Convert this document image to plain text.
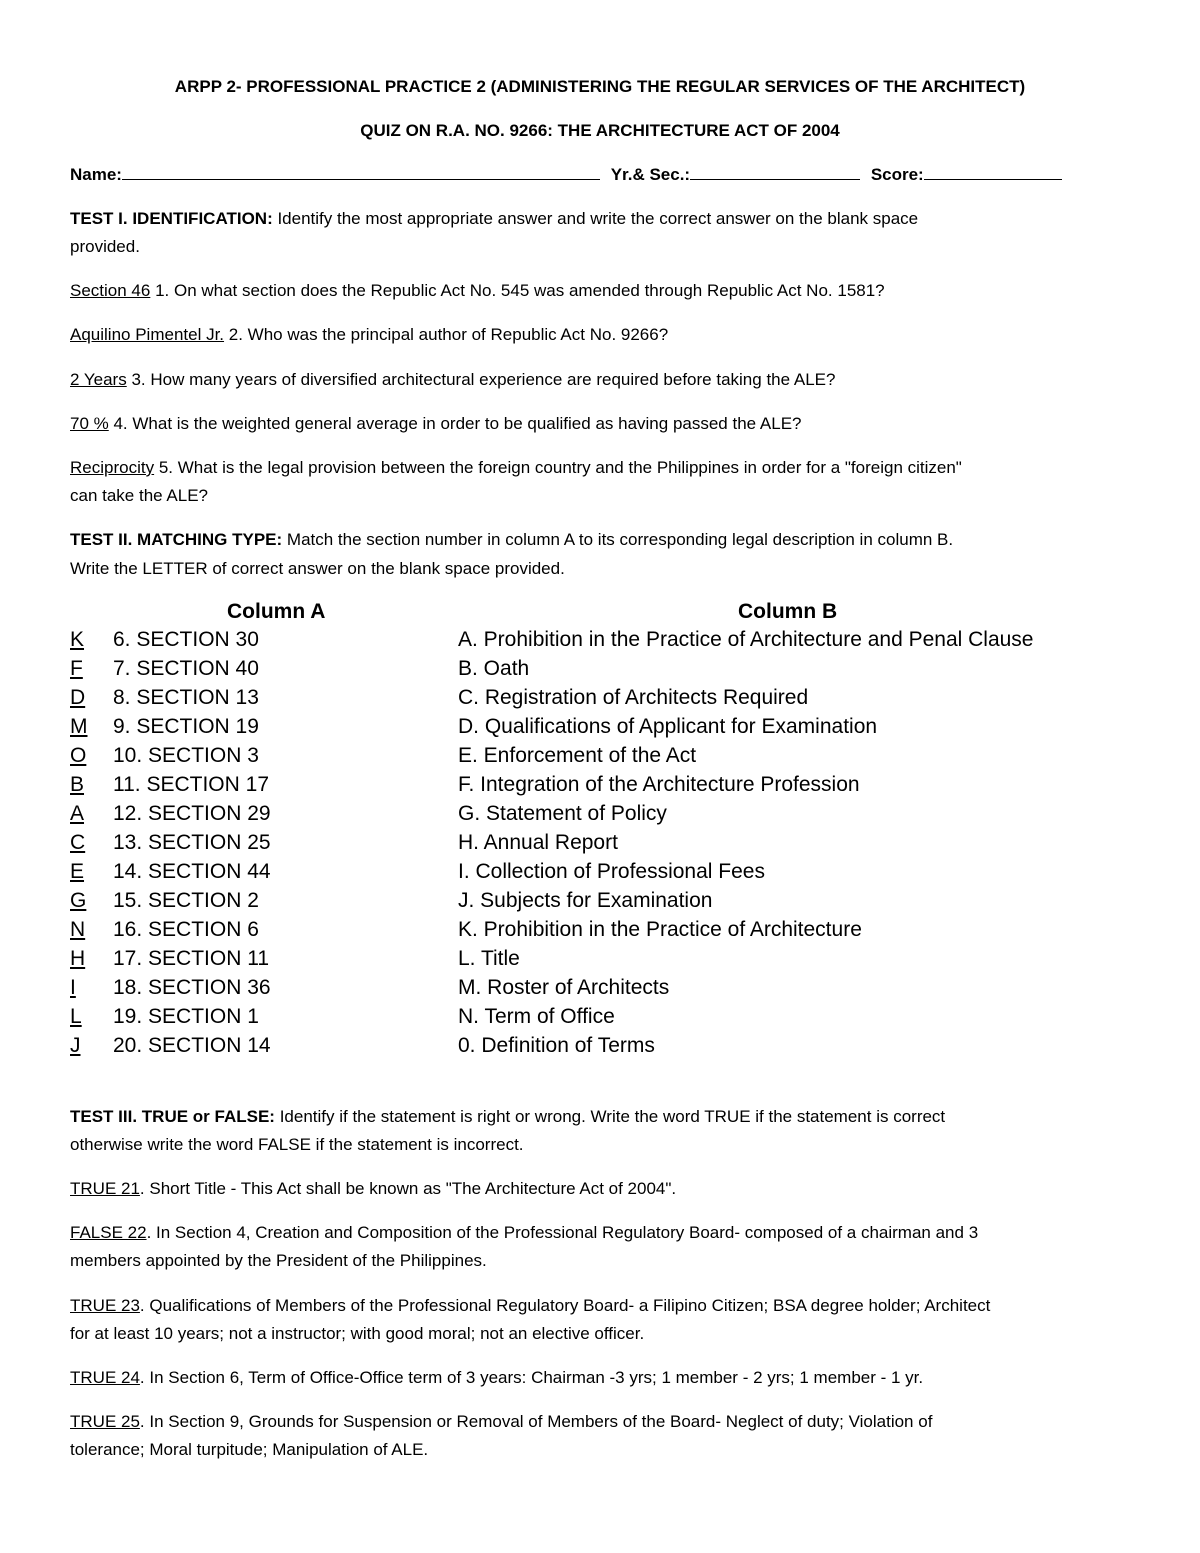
ARPP 2- PROFESSIONAL PRACTICE 2 (ADMINISTERING THE REGULAR SERVICES OF THE ARCHITECT)
QUIZ ON R.A. NO. 9266: THE ARCHITECTURE ACT OF 2004
Name:	Yr.& Sec.:	Score:
TEST I. IDENTIFICATION: Identify the most appropriate answer and write the correct answer on the blank space
provided.
Section 46 1. On what section does the Republic Act No. 545 was amended through Republic Act No. 1581?
Aquilino Pimentel Jr. 2. Who was the principal author of Republic Act No. 9266?
2 Years 3. How many years of diversified architectural experience are required before taking the ALE?
70 % 4. What is the weighted general average in order to be qualified as having passed the ALE?
Reciprocity 5. What is the legal provision between the foreign country and the Philippines in order for a "foreign citizen"
can take the ALE?
TEST II. MATCHING TYPE: Match the section number in column A to its corresponding legal description in column B.
Write the LETTER of correct answer on the blank space provided.
Column A	Column B
K 6. SECTION 30	A. Prohibition in the Practice of Architecture and Penal Clause
F 7. SECTION 40	B. Oath
D 8. SECTION 13	C. Registration of Architects Required
M 9. SECTION 19	D. Qualifications of Applicant for Examination
O 10. SECTION 3	E. Enforcement of the Act
B 11. SECTION 17	F. Integration of the Architecture Profession
A 12. SECTION 29	G. Statement of Policy
C 13. SECTION 25	H. Annual Report
E 14. SECTION 44	I. Collection of Professional Fees
G 15. SECTION 2	J. Subjects for Examination
N 16. SECTION 6	K. Prohibition in the Practice of Architecture
H 17. SECTION 11	L. Title
I 18. SECTION 36	M. Roster of Architects
L 19. SECTION 1	N. Term of Office
J 20. SECTION 14	0. Definition of Terms
TEST III. TRUE or FALSE: Identify if the statement is right or wrong. Write the word TRUE if the statement is correct
otherwise write the word FALSE if the statement is incorrect.
TRUE 21. Short Title - This Act shall be known as "The Architecture Act of 2004".
FALSE 22. In Section 4, Creation and Composition of the Professional Regulatory Board- composed of a chairman and 3
members appointed by the President of the Philippines.
TRUE 23. Qualifications of Members of the Professional Regulatory Board- a Filipino Citizen; BSA degree holder; Architect
for at least 10 years; not a instructor; with good moral; not an elective officer.
TRUE 24. In Section 6, Term of Office-Office term of 3 years: Chairman -3 yrs; 1 member - 2 yrs; 1 member - 1 yr.
TRUE 25. In Section 9, Grounds for Suspension or Removal of Members of the Board- Neglect of duty; Violation of
tolerance; Moral turpitude; Manipulation of ALE.
